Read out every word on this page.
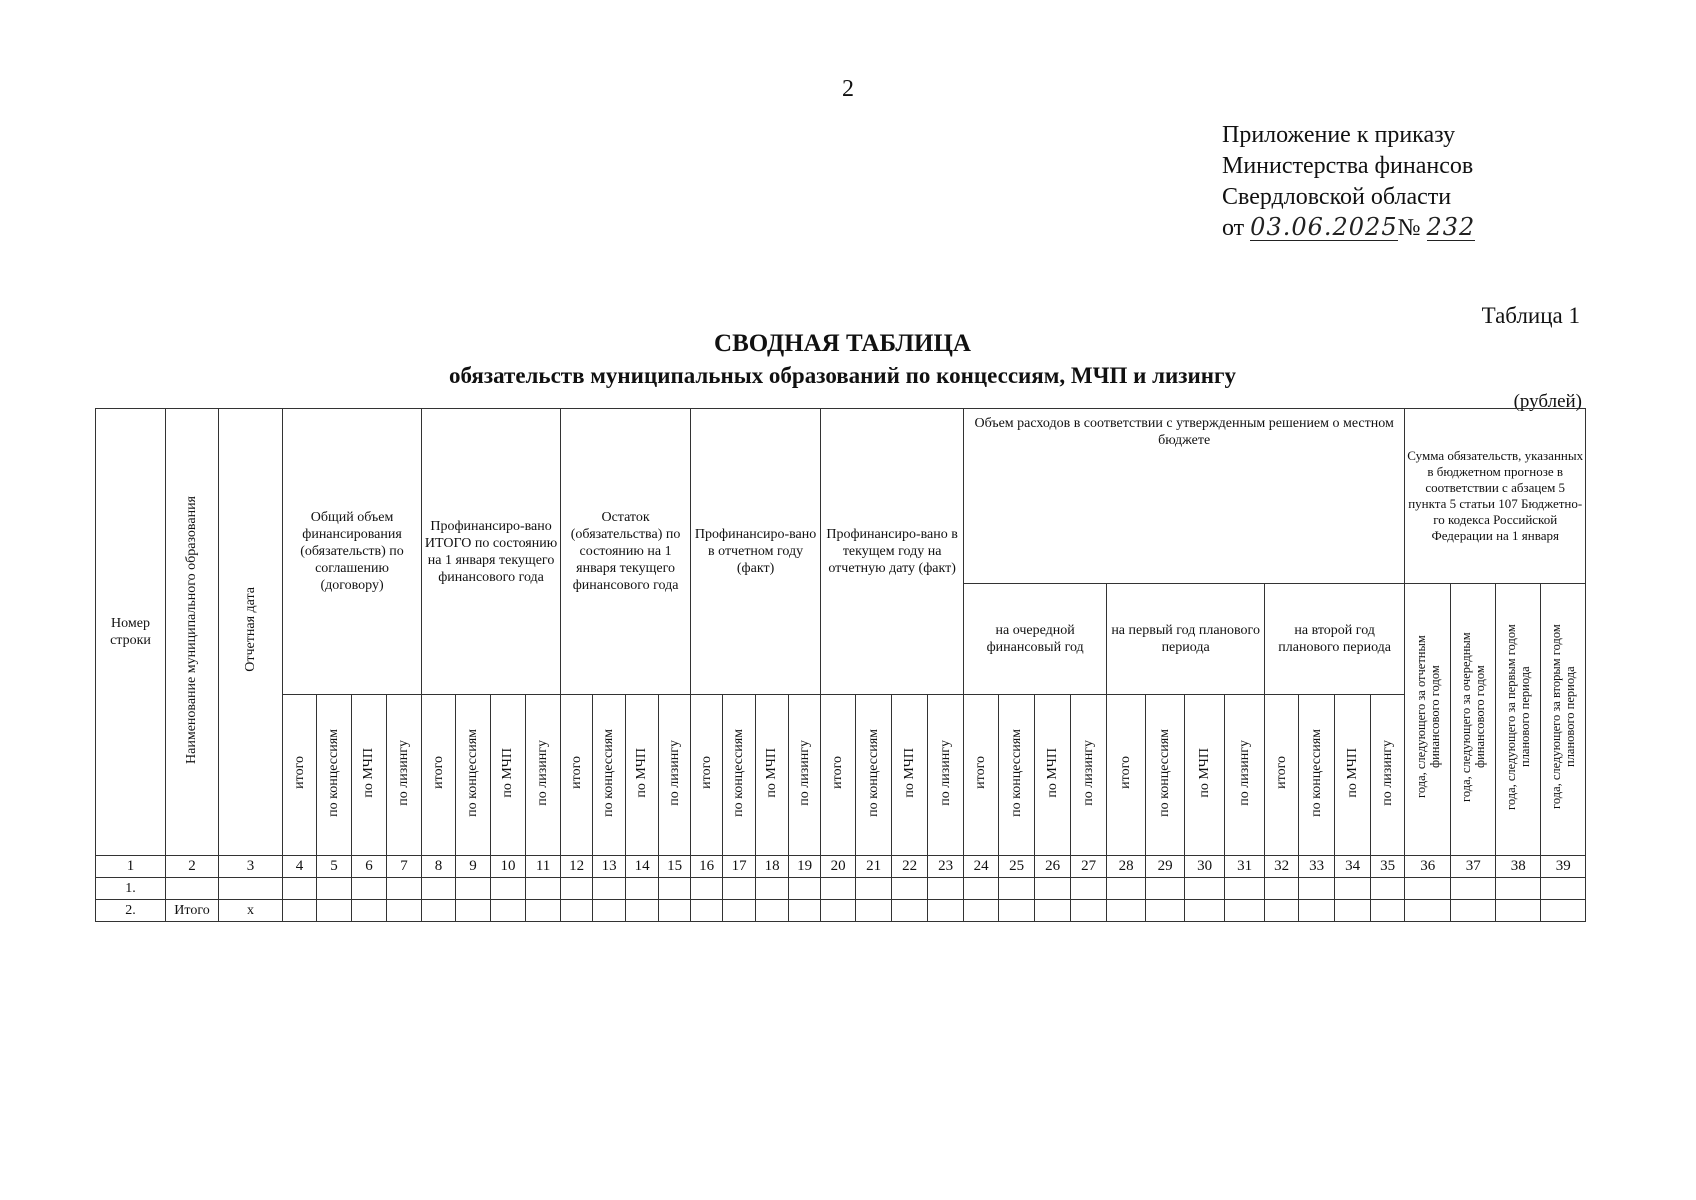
2
Приложение к приказу
Министерства финансов
Свердловской области
от 03.06.2025№ 232
Таблица 1
СВОДНАЯ ТАБЛИЦА
обязательств муниципальных образований по концессиям, МЧП и лизингу
(рублей)
Номер строки	Наименование муниципального образования	Отчетная дата	Общий объем финансирования (обязательств) по соглашению (договору)				Профинансиро-вано ИТОГО по состоянию на 1 января текущего финансового года				Остаток (обязательства) по состоянию на 1 января текущего финансового года				Профинансиро-вано в отчетном году (факт)				Профинансиро-вано в текущем году на отчетную дату (факт)				Объем расходов в соответствии с утвержденным решением о местном бюджете												Сумма обязательств, указанных в бюджетном прогнозе в соответствии с абзацем 5 пункта 5 статьи 107 Бюджетно-го кодекса Российской Федерации на 1 января			
																							на очередной финансовый год				на первый год планового периода				на второй год планового периода				года, следующего за отчетным финансового годом	года, следующего за очередным финансового годом	года, следующего за первым годом планового периода	года, следующего за вторым годом планового периода
			итого	по концессиям	по МЧП	по лизингу	итого	по концессиям	по МЧП	по лизингу	итого	по концессиям	по МЧП	по лизингу	итого	по концессиям	по МЧП	по лизингу	итого	по концессиям	по МЧП	по лизингу	итого	по концессиям	по МЧП	по лизингу	итого	по концессиям	по МЧП	по лизингу	итого	по концессиям	по МЧП	по лизингу				
1	2	3	4	5	6	7	8	9	10	11	12	13	14	15	16	17	18	19	20	21	22	23	24	25	26	27	28	29	30	31	32	33	34	35	36	37	38	39
1.																																						
2.	Итого	х																																				
